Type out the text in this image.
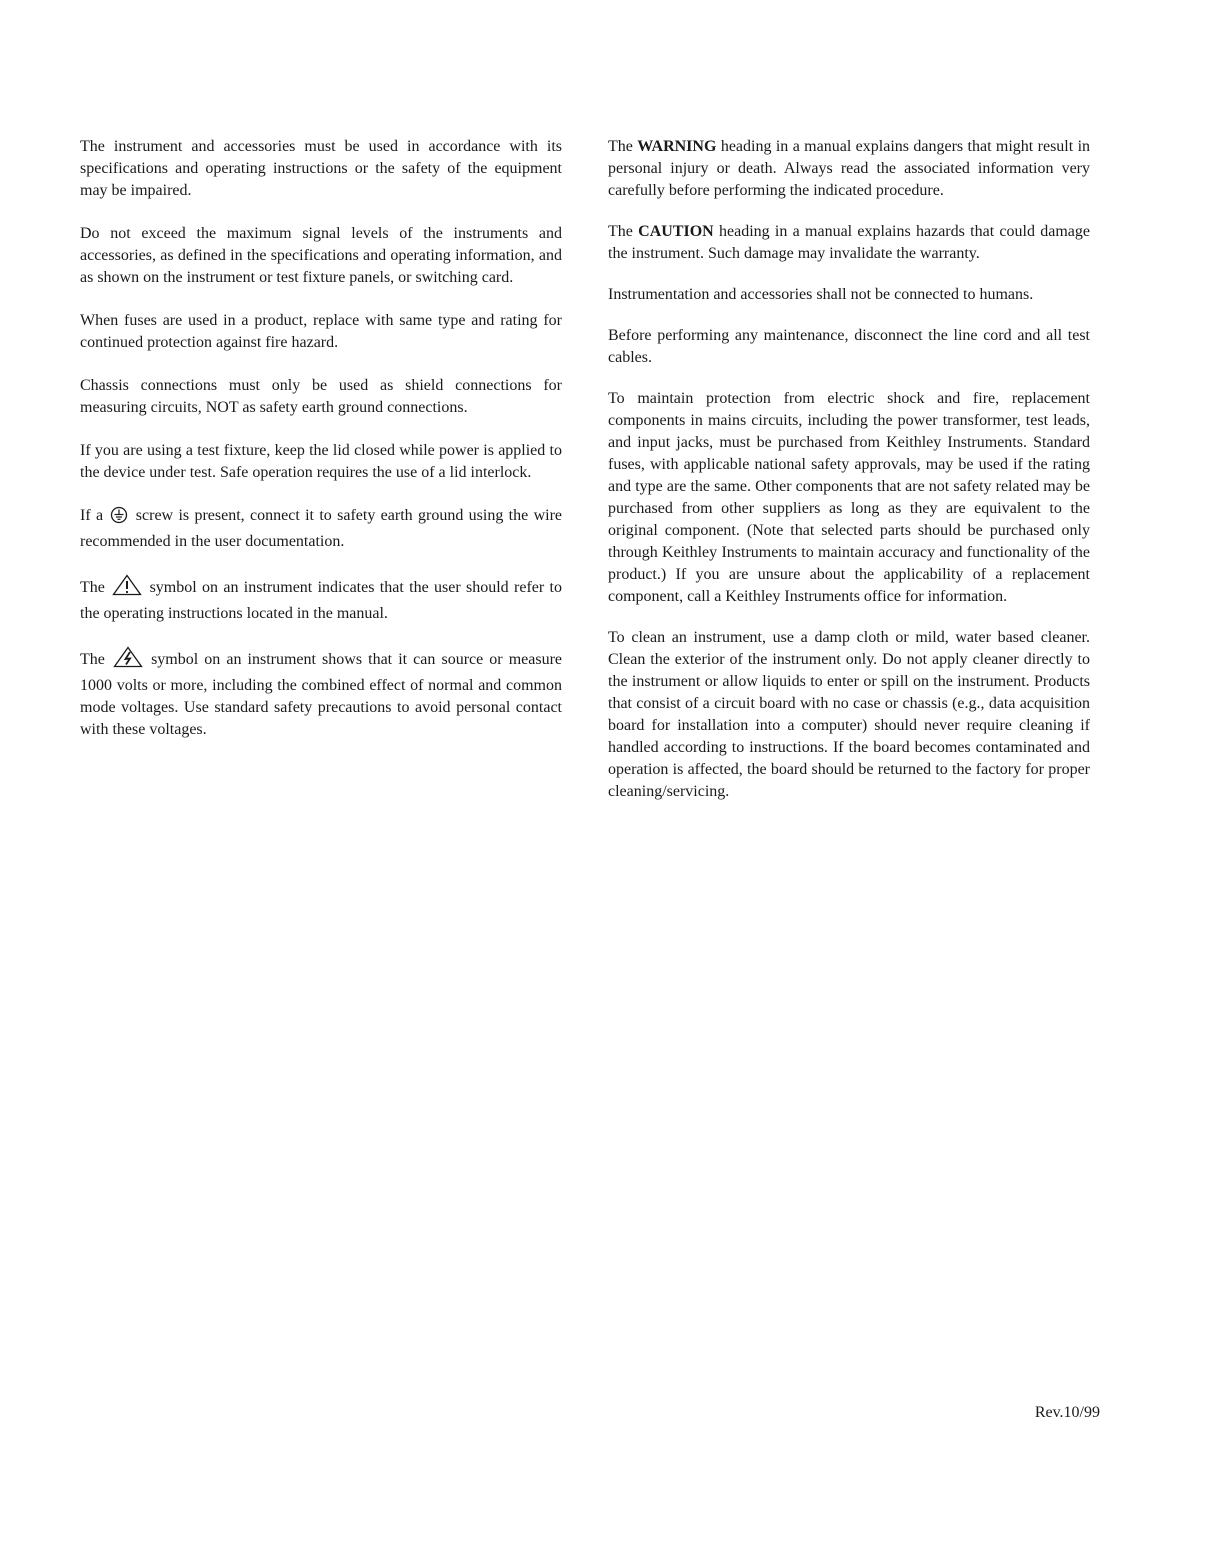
The instrument and accessories must be used in accordance with its specifications and operating instructions or the safety of the equipment may be impaired.

Do not exceed the maximum signal levels of the instruments and accessories, as defined in the specifications and operating information, and as shown on the instrument or test fixture panels, or switching card.

When fuses are used in a product, replace with same type and rating for continued protection against fire hazard.

Chassis connections must only be used as shield connections for measuring circuits, NOT as safety earth ground connections.

If you are using a test fixture, keep the lid closed while power is applied to the device under test. Safe operation requires the use of a lid interlock.

If a screw is present, connect it to safety earth ground using the wire recommended in the user documentation.

The	symbol on an instrument indicates that the user should refer to the operating instructions located in the manual.

The	symbol on an instrument shows that it can source or measure 1000 volts or more, including the combined effect of normal and common mode voltages. Use standard safety precautions to avoid personal contact with these voltages.

The WARNING heading in a manual explains dangers that might result in personal injury or death. Always read the associated information very carefully before performing the indicated procedure.

The CAUTION heading in a manual explains hazards that could damage the instrument. Such damage may invalidate the warranty.

Instrumentation and accessories shall not be connected to humans.

Before performing any maintenance, disconnect the line cord and all test cables.

To maintain protection from electric shock and fire, replacement components in mains circuits, including the power transformer, test leads, and input jacks, must be purchased from Keithley Instruments. Standard fuses, with applicable national safety approvals, may be used if the rating and type are the same. Other components that are not safety related may be purchased from other suppliers as long as they are equivalent to the original component. (Note that selected parts should be purchased only through Keithley Instruments to maintain accuracy and functionality of the product.) If you are unsure about the applicability of a replacement component, call a Keithley Instruments office for information.

To clean an instrument, use a damp cloth or mild, water based cleaner. Clean the exterior of the instrument only. Do not apply cleaner directly to the instrument or allow liquids to enter or spill on the instrument. Products that consist of a circuit board with no case or chassis (e.g., data acquisition board for installation into a computer) should never require cleaning if handled according to instructions. If the board becomes contaminated and operation is affected, the board should be returned to the factory for proper cleaning/servicing.

Rev.10/99
